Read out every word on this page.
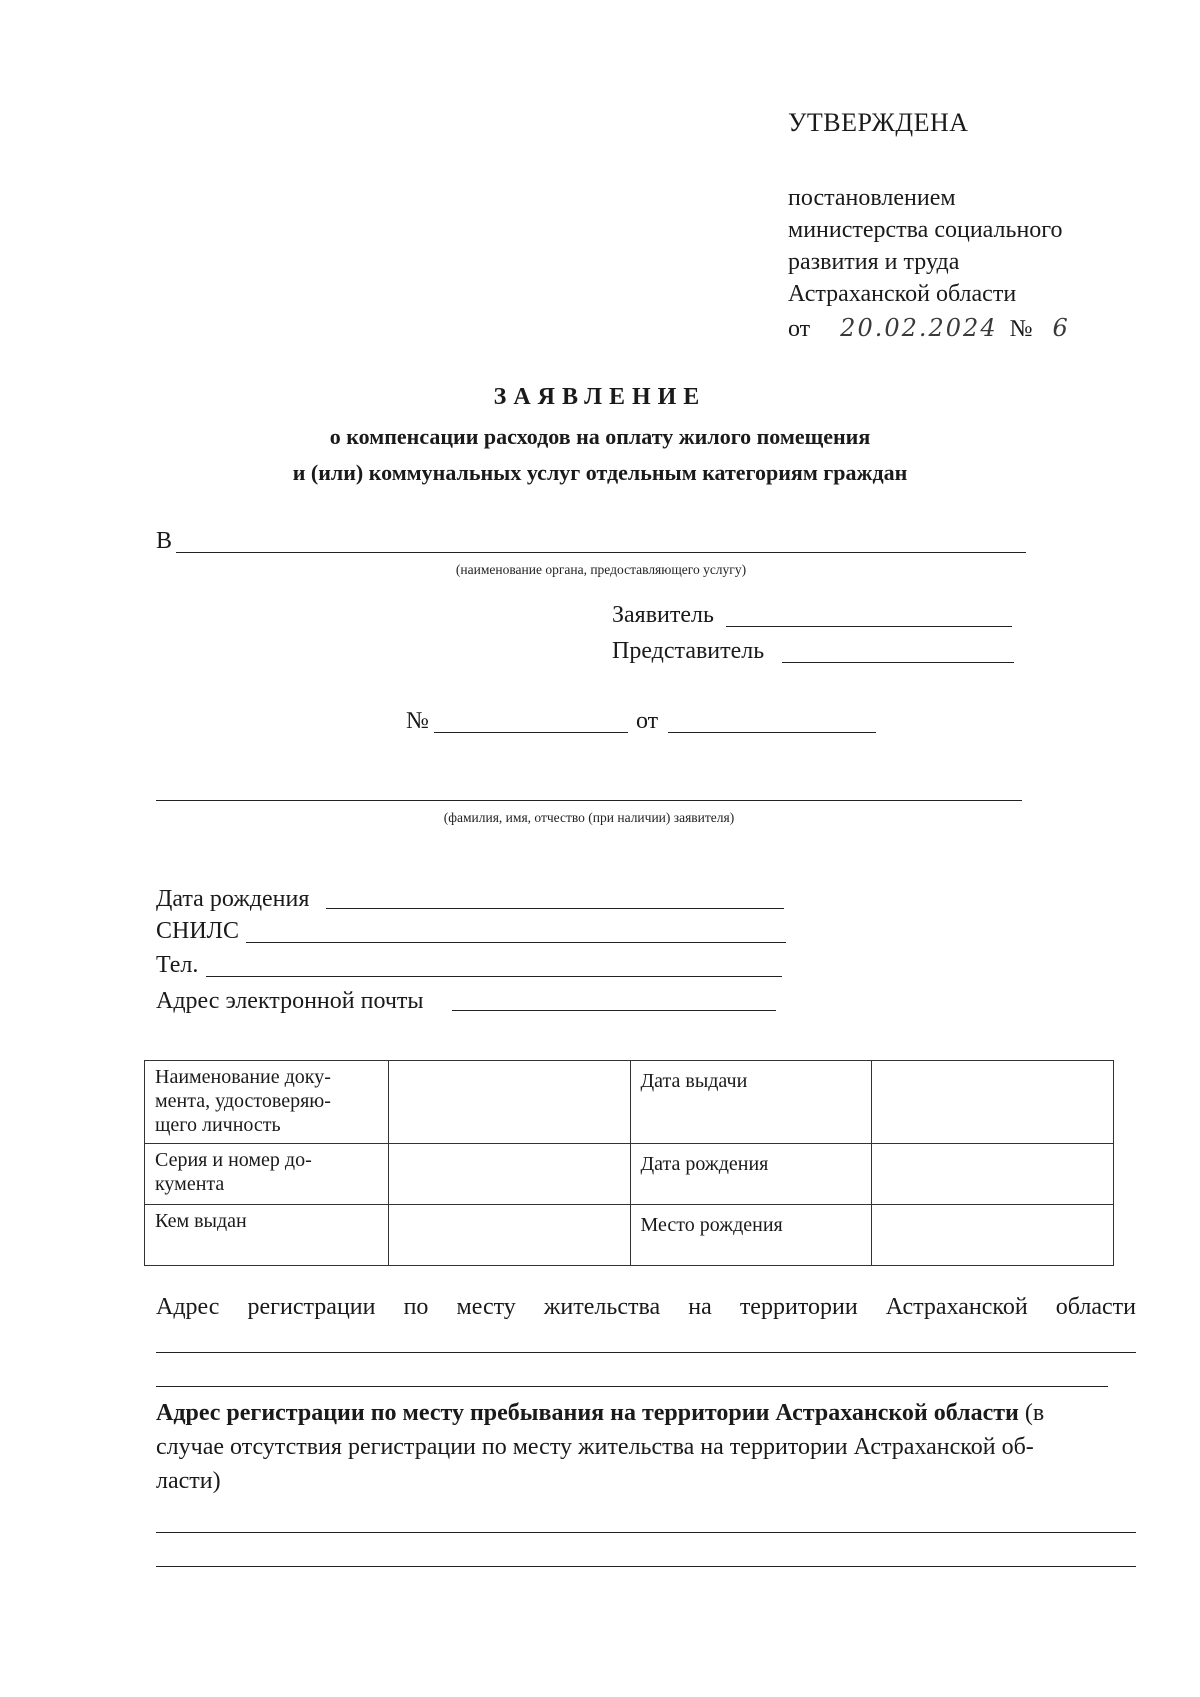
УТВЕРЖДЕНА
постановлением
министерства социального
развития и труда
Астраханской области
от 20.02.2024 № 6
ЗАЯВЛЕНИЕ
о компенсации расходов на оплату жилого помещения
и (или) коммунальных услуг отдельным категориям граждан
В
(наименование органа, предоставляющего услугу)
Заявитель
Представитель
№	от
(фамилия, имя, отчество (при наличии) заявителя)
Дата рождения
СНИЛС
Тел.
Адрес электронной почты
Наименование доку-
мента, удостоверяю-
щего личность		Дата выдачи	

Серия и номер до-
кумента		Дата рождения	
Кем выдан		Место рождения	
Адрес регистрации по месту жительства на территории Астраханской области
Адрес регистрации по месту пребывания на территории Астраханской области (в
случае отсутствия регистрации по месту жительства на территории Астраханской об-
ласти)
